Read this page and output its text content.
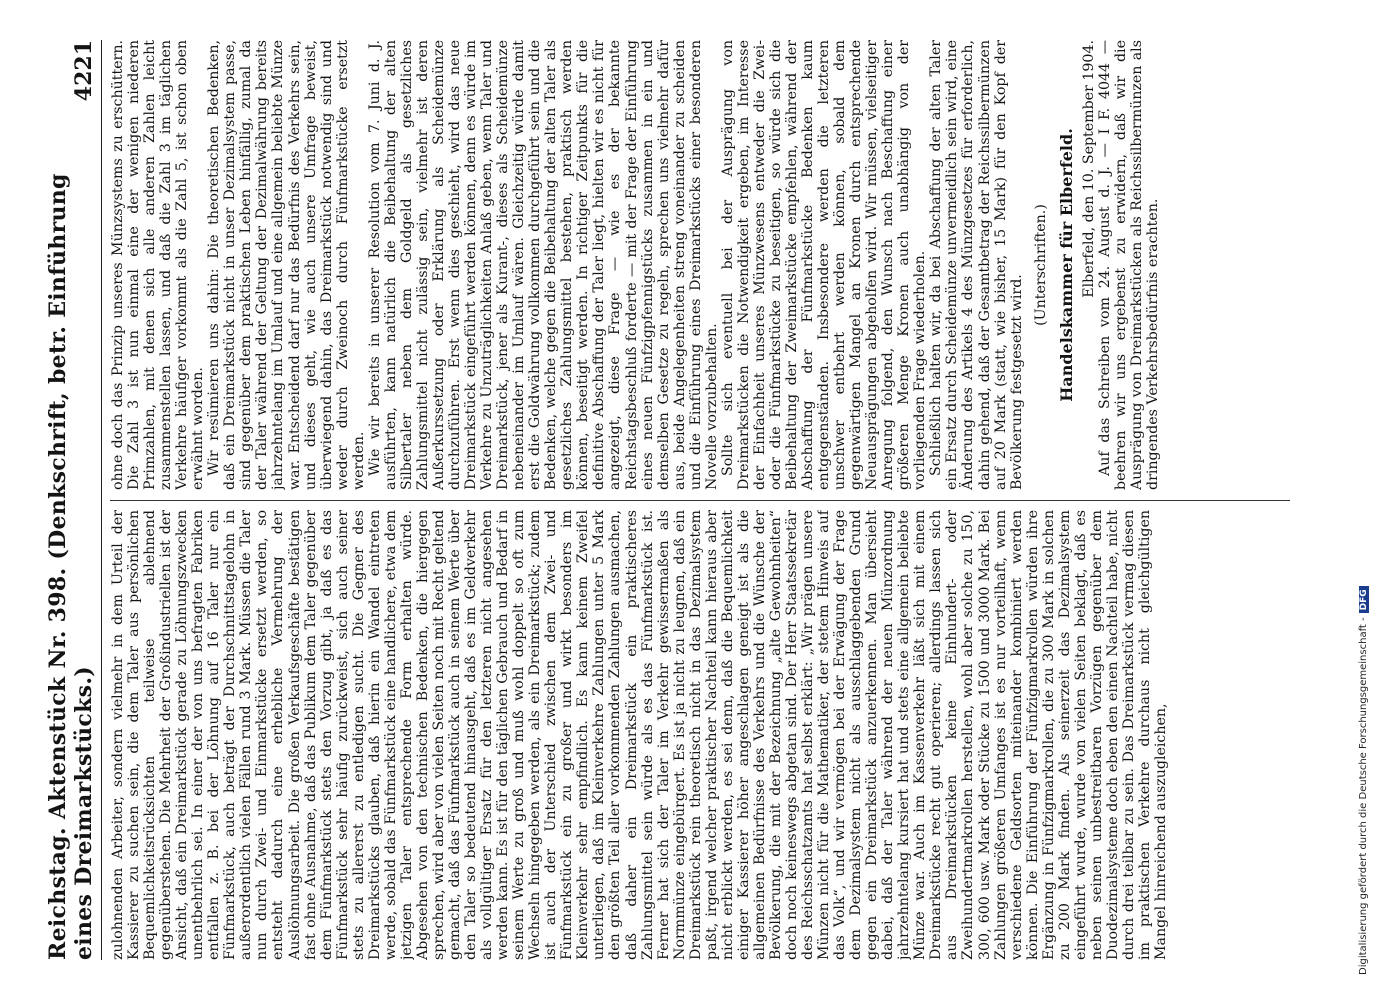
Reichstag. Aktenstück Nr. 398. (Denkschrift, betr. Einführung eines Dreimarkstücks.)
4221

zulohnenden Arbeiter, sondern vielmehr in dem Urteil der Kassierer zu suchen sein, die dem Taler aus persönlichen Bequemlichkeitsrücksichten teilweise ablehnend gegenüberstehen. Die Mehrheit der Großindustriellen ist der Ansicht, daß ein Dreimarkstück gerade zu Löhnungszwecken unentbehrlich sei. In einer der von uns befragten Fabriken entfallen z. B. bei der Löhnung auf 16 Taler nur ein Fünfmarkstück, auch beträgt der Durchschnittstagelohn in außerordentlich vielen Fällen rund 3 Mark. Müssen die Taler nun durch Zwei- und Einmarkstücke ersetzt werden, so entsteht dadurch eine erhebliche Vermehrung der Auslöhnungsarbeit. Die großen Verkaufsgeschäfte bestätigen fast ohne Ausnahme, daß das Publikum dem Taler gegenüber dem Fünfmarkstück stets den Vorzug gibt, ja daß es das Fünfmarkstück sehr häufig zurückweist, sich auch seiner stets zu allererst zu entledigen sucht. Die Gegner des Dreimarkstücks glauben, daß hierin ein Wandel eintreten werde, sobald das Fünfmarkstück eine handlichere, etwa dem jetzigen Taler entsprechende Form erhalten würde. Abgesehen von den technischen Bedenken, die hiergegen sprechen, wird aber von vielen Seiten noch mit Recht geltend gemacht, daß das Fünfmarkstück auch in seinem Werte über den Taler so bedeutend hinausgeht, daß es im Geldverkehr als vollgültiger Ersatz für den letzteren nicht angesehen werden kann. Es ist für den täglichen Gebrauch und Bedarf in seinem Werte zu groß und muß wohl doppelt so oft zum Wechseln hingegeben werden, als ein Dreimarkstück; zudem ist auch der Unterschied zwischen dem Zwei- und Fünfmarkstück ein zu großer und wirkt besonders im Kleinverkehr sehr empfindlich. Es kann keinem Zweifel unterliegen, daß im Kleinverkehre Zahlungen unter 5 Mark den größten Teil aller vorkommenden Zahlungen ausmachen, daß daher ein Dreimarkstück ein praktischeres Zahlungsmittel sein würde als es das Fünfmarkstück ist. Ferner hat sich der Taler im Verkehr gewissermaßen als Normmünze eingebürgert. Es ist ja nicht zu leugnen, daß ein Dreimarkstück rein theoretisch nicht in das Dezimalsystem paßt, irgend welcher praktischer Nachteil kann hieraus aber nicht erblickt werden, es sei denn, daß die Bequemlichkeit einiger Kassierer höher angeschlagen geneigt ist als die allgemeinen Bedürfnisse des Verkehrs und die Wünsche der Bevölkerung, die mit der Bezeichnung „alte Gewohnheiten“ doch noch keineswegs abgetan sind. Der Herr Staatssekretär des Reichsschatzamts hat selbst erklärt: „Wir prägen unsere Münzen nicht für die Mathematiker, der stetem Hinweis auf das Volk“, und wir vermögen bei der Erwägung der Frage dem Dezimalsystem nicht als ausschlaggebenden Grund gegen ein Dreimarkstück anzuerkennen. Man übersieht dabei, daß der Taler während der neuen Münzordnung jahrzehntelang kursiert hat und stets eine allgemein beliebte Münze war. Auch im Kassenverkehr läßt sich mit einem Dreimarkstücke recht gut operieren; allerdings lassen sich aus Dreimarkstücken keine Einhundert- oder Zweihundertmarkrollen herstellen, wohl aber solche zu 150, 300, 600 usw. Mark oder Stücke zu 1500 und 3000 Mark. Bei Zahlungen größeren Umfanges ist es nur vorteilhaft, wenn verschiedene Geldsorten miteinander kombiniert werden können. Die Einführung der Fünfzigmarkrollen würden ihre Ergänzung in Fünfzigmarkrollen, die zu 300 Mark in solchen zu 200 Mark finden. Als seinerzeit das Dezimalsystem eingeführt wurde, wurde von vielen Seiten beklagt, daß es neben seinen unbestreitbaren Vorzügen gegenüber dem Duodezimalsysteme doch eben den einen Nachteil habe, nicht durch drei teilbar zu sein. Das Dreimarkstück vermag diesen im praktischen Verkehre durchaus nicht gleichgültigen Mangel hinreichend auszugleichen,

ohne doch das Prinzip unseres Münzsystems zu erschüttern. Die Zahl 3 ist nun einmal eine der wenigen niederen Primzahlen, mit denen sich alle anderen Zahlen leicht zusammenstellen lassen, und daß die Zahl 3 im täglichen Verkehre häufiger vorkommt als die Zahl 5, ist schon oben erwähnt worden. Wir resümieren uns dahin: Die theoretischen Bedenken, daß ein Dreimarkstück nicht in unser Dezimalsystem passe, sind gegenüber dem praktischen Leben hinfällig, zumal da der Taler während der Geltung der Dezimalwährung bereits jahrzehntelang im Umlauf und eine allgemein beliebte Münze war. Entscheidend darf nur das Bedürfnis des Verkehrs sein, und dieses geht, wie auch unsere Umfrage beweist, überwiegend dahin, das Dreimarkstück notwendig sind und weder durch Zweinoch durch Fünfmarkstücke ersetzt werden. Wie wir bereits in unserer Resolution vom 7. Juni d. J. ausführten, kann natürlich die Beibehaltung der alten Silbertaler neben dem Goldgeld als gesetzliches Zahlungsmittel nicht zulässig sein, vielmehr ist deren Außerkurssetzung oder Erklärung als Scheidemünze durchzuführen. Erst wenn dies geschieht, wird das neue Dreimarkstück eingeführt werden können, denn es würde im Verkehre zu Unzuträglichkeiten Anlaß geben, wenn Taler und Dreimarkstück, jener als Kurant-, dieses als Scheidemünze nebeneinander im Umlauf wären. Gleichzeitig würde damit erst die Goldwährung vollkommen durchgeführt sein und die Bedenken, welche gegen die Beibehaltung der alten Taler als gesetzliches Zahlungsmittel bestehen, praktisch werden können, beseitigt werden. In richtiger Zeitpunkts für die definitive Abschaffung der Taler liegt, hielten wir es nicht für angezeigt, diese Frage — wie es der bekannte Reichstagsbeschluß forderte — mit der Frage der Einführung eines neuen Fünfzigpfennigstücks zusammen in ein und demselben Gesetze zu regeln, sprechen uns vielmehr dafür aus, beide Angelegenheiten streng voneinander zu scheiden und die Einführung eines Dreimarkstücks einer besonderen Novelle vorzubehalten. Sollte sich eventuell bei der Ausprägung von Dreimarkstücken die Notwendigkeit ergeben, im Interesse der Einfachheit unseres Münzwesens entweder die Zwei- oder die Fünfmarkstücke zu beseitigen, so würde sich die Beibehaltung der Zweimarkstücke empfehlen, während der Abschaffung der Fünfmarkstücke Bedenken kaum entgegenständen. Insbesondere werden die letzteren unschwer entbehrt werden können, sobald dem gegenwärtigen Mangel an Kronen durch entsprechende Neuausprägungen abgeholfen wird. Wir müssen, vielseitiger Anregung folgend, den Wunsch nach Beschaffung einer größeren Menge Kronen auch unabhängig von der vorliegenden Frage wiederholen. Schließlich halten wir, da bei Abschaffung der alten Taler ein Ersatz durch Scheidemünze unvermeidlich sein wird, eine Änderung des Artikels 4 des Münzgesetzes für erforderlich, dahin gehend, daß der Gesamtbetrag der Reichssilbermünzen auf 20 Mark (statt, wie bisher, 15 Mark) für den Kopf der Bevölkerung festgesetzt wird.

(Unterschriften.) Handelskammer für Elberfeld. Elberfeld, den 10. September 1904. Auf das Schreiben vom 24. August d. J. — I F. 4044 — beehren wir uns ergebenst zu erwidern, daß wir die Ausprägung von Dreimarkstücken als Reichssilbermünzen als dringendes Verkehrsbedürfnis erachten.

Digitalisierung gefördert durch die Deutsche Forschungsgemeinschaft -DFG
